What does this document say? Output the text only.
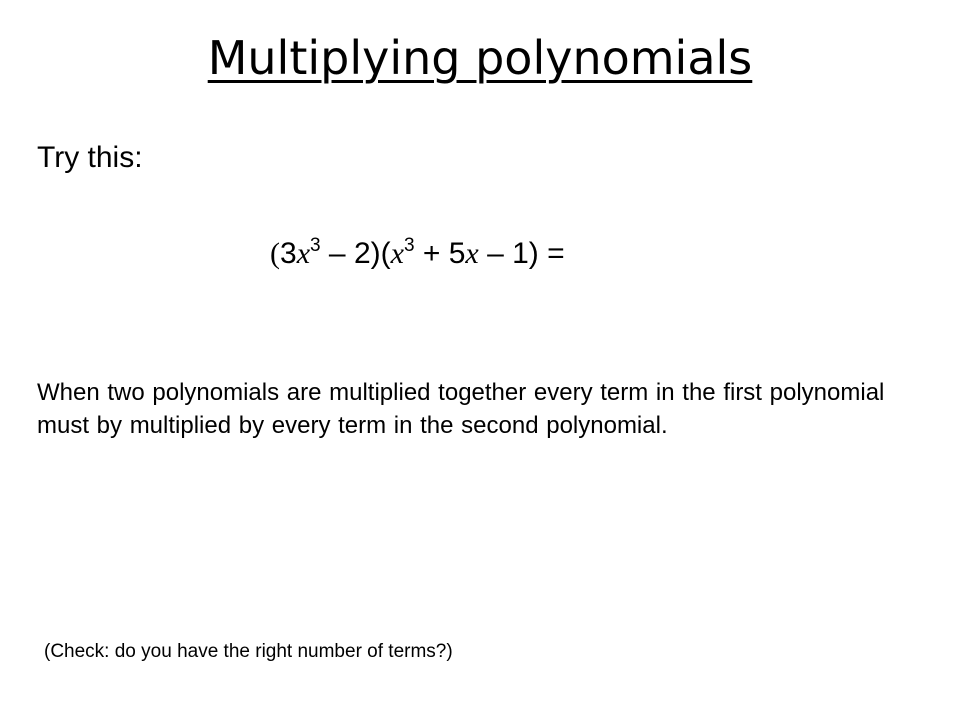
Multiplying polynomials
Try this:
$(3x^3 - 2)(x^3 + 5x - 1)$ =
When two polynomials are multiplied together every term in the first polynomial must by multiplied by every term in the second polynomial.
(Check: do you have the right number of terms?)
